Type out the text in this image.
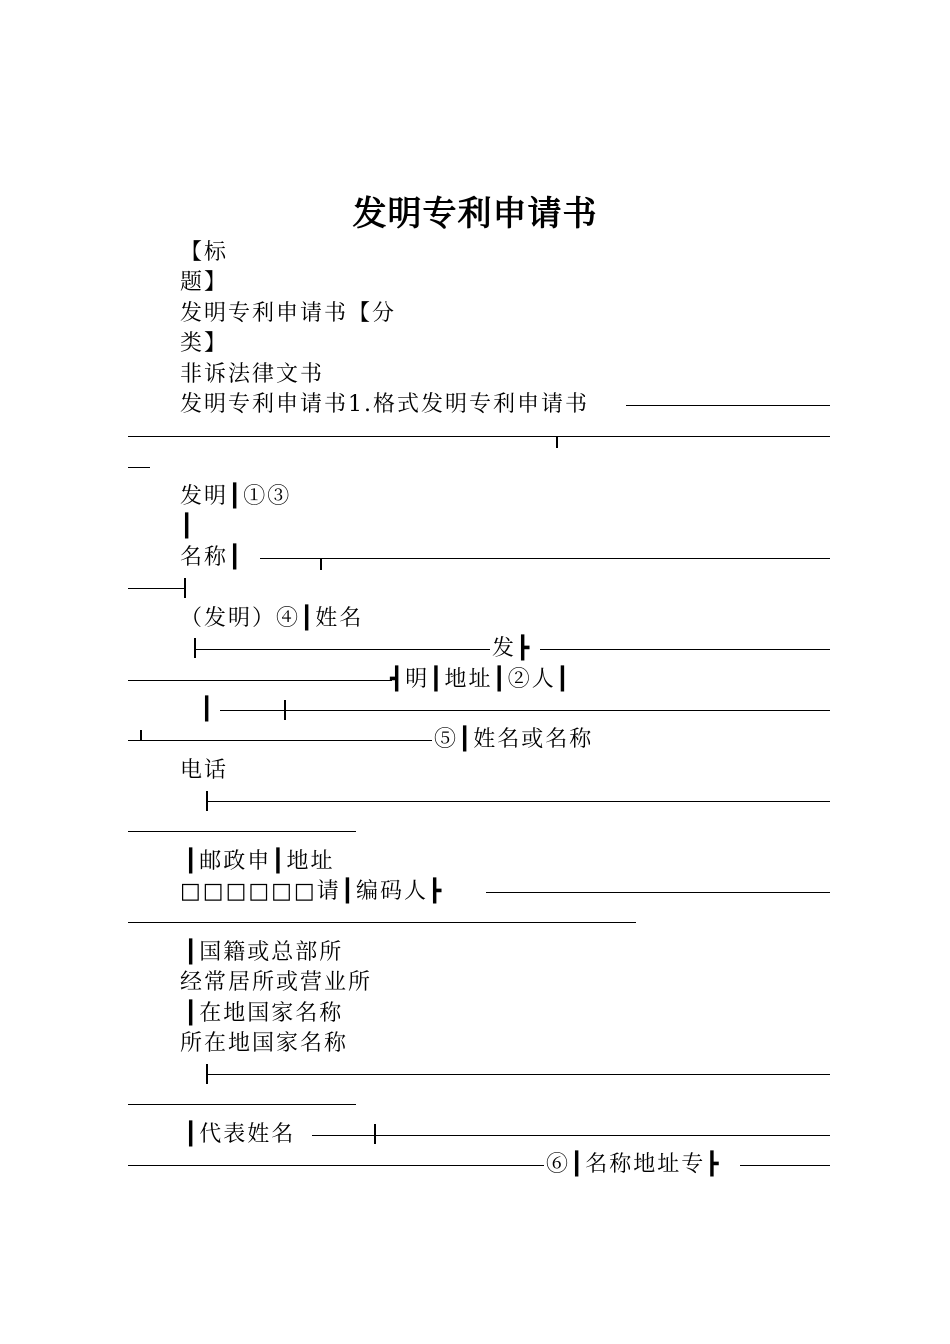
发明专利申请书
【标
题】
发明专利申请书【分
类】
非诉法律文书
发明专利申请书1.格式发明专利申请书
发明┃①③
┃
名称┃
（发明）④┃姓名
发┣
┫明┃地址┃②人┃
┃
⑤┃姓名或名称
电话
┃邮政申┃地址
□□□□□□请┃编码人┣
┃国籍或总部所
经常居所或营业所
┃在地国家名称
所在地国家名称
┃代表姓名
⑥┃名称地址专┣
